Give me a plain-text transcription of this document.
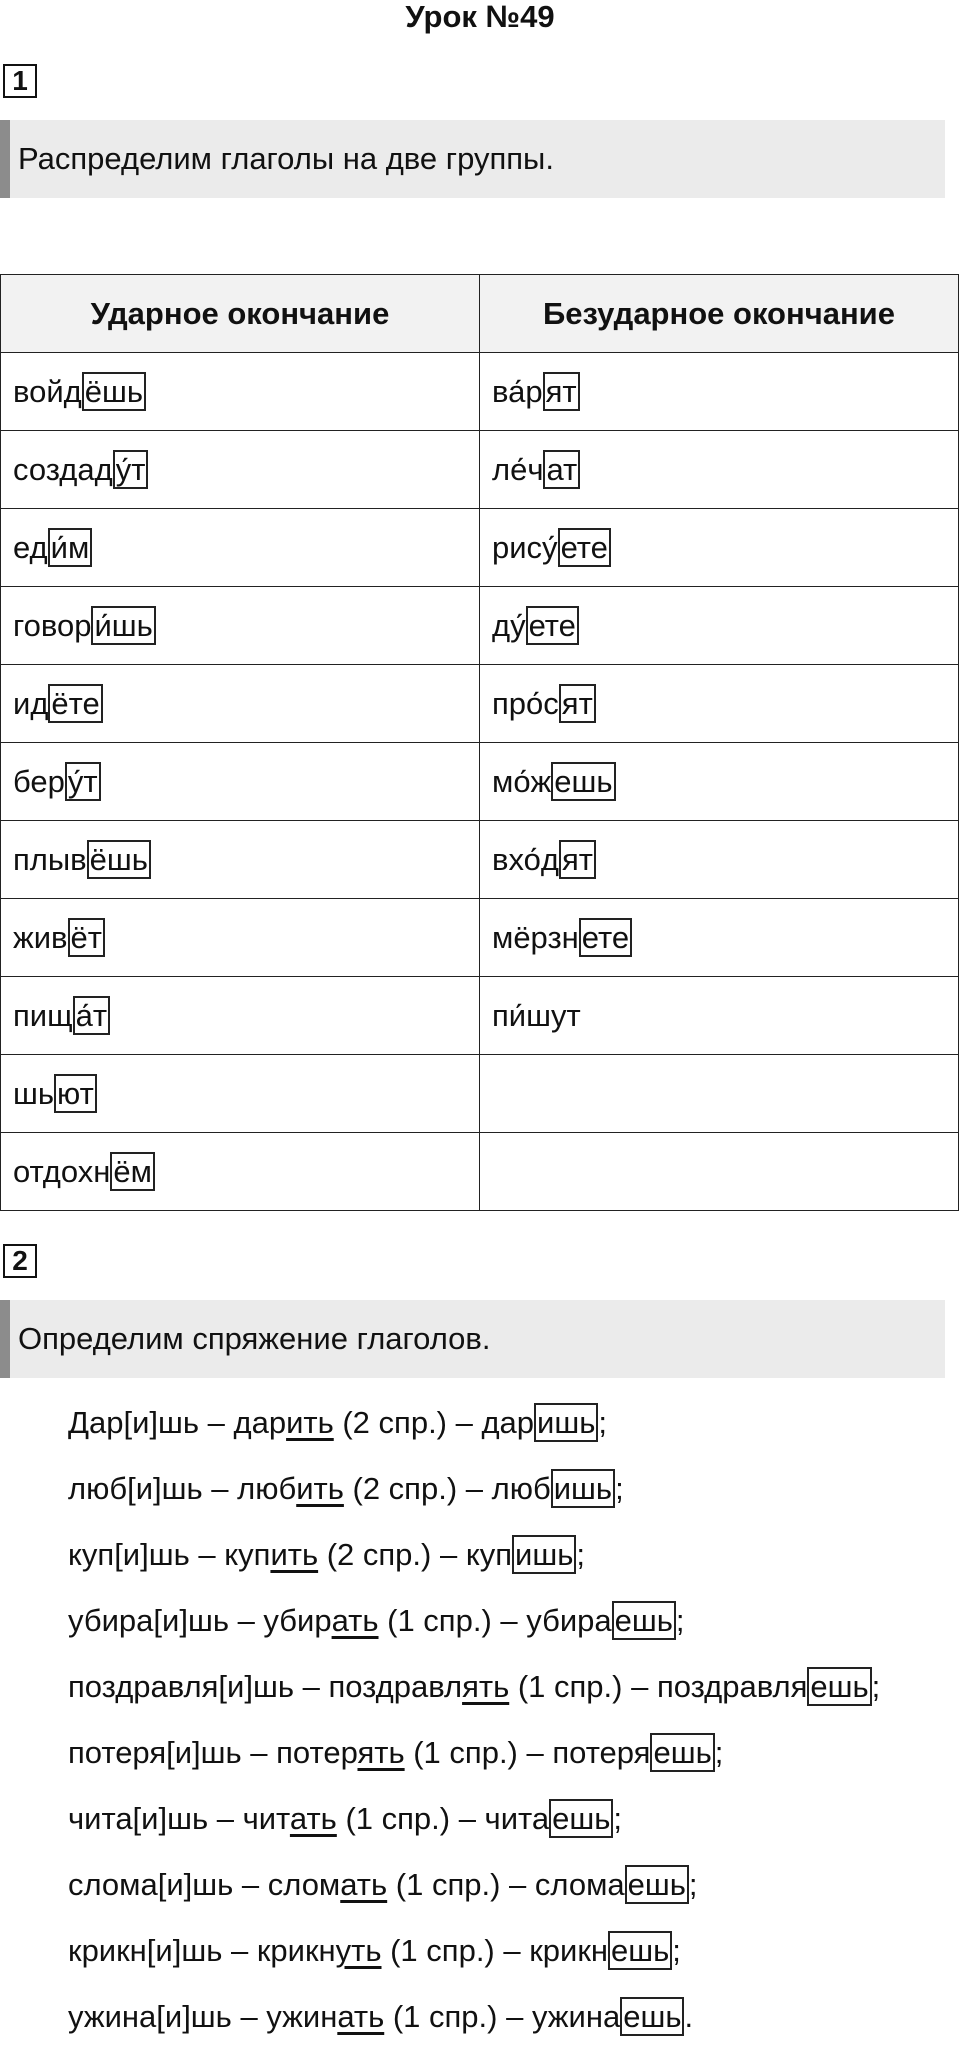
Урок №49
1
Распределим глаголы на две группы.
Ударное окончание	Безударное окончание
войдёшь	ва́рят
создаду́т	ле́чат
еди́м	рису́ете
говори́шь	ду́ете
идёте	про́сят
беру́т	мо́жешь
плывёшь	вхо́дят
живёт	мёрзнете
пища́т	пи́шут
шьют	
отдохнём	
2
Определим спряжение глаголов.
Дар[и]шь – дарить (2 спр.) – даришь;
люб[и]шь – любить (2 спр.) – любишь;
куп[и]шь – купить (2 спр.) – купишь;
убира[и]шь – убирать (1 спр.) – убираешь;
поздравля[и]шь – поздравлять (1 спр.) – поздравляешь;
потеря[и]шь – потерять (1 спр.) – потеряешь;
чита[и]шь – читать (1 спр.) – читаешь;
слома[и]шь – сломать (1 спр.) – сломаешь;
крикн[и]шь – крикнуть (1 спр.) – крикнешь;
ужина[и]шь – ужинать (1 спр.) – ужинаешь.
